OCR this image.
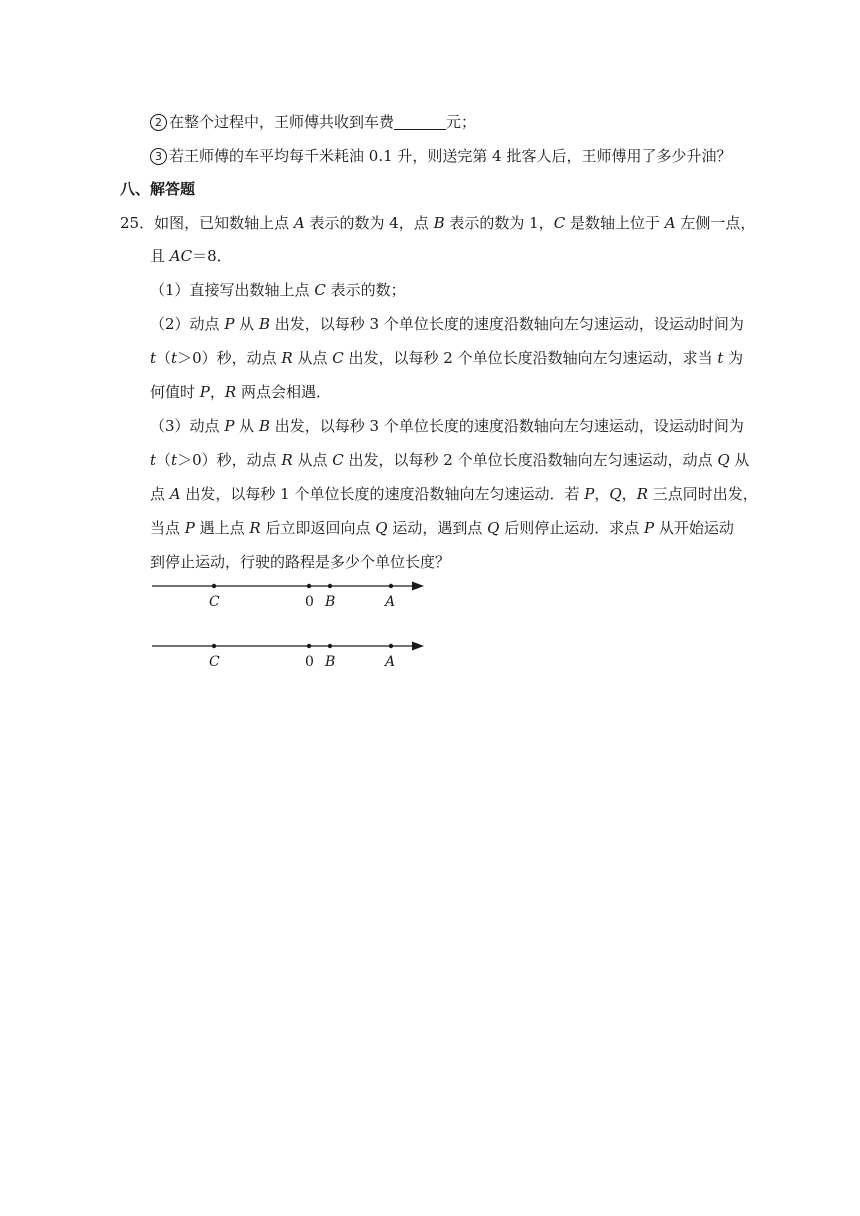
2 在整个过程中，王师傅共收到车费	元；
3 若王师傅的车平均每千米耗油 0.1 升，则送完第 4 批客人后，王师傅用了多少升油？
八、解答题
25．如图，已知数轴上点 A 表示的数为 4，点 B 表示的数为 1，C 是数轴上位于 A 左侧一点，
且 AC＝8．
（1）直接写出数轴上点 C 表示的数；
（2）动点 P 从 B 出发，以每秒 3 个单位长度的速度沿数轴向左匀速运动，设运动时间为
t（t＞0）秒，动点 R 从点 C 出发，以每秒 2 个单位长度沿数轴向左匀速运动，求当 t 为
何值时 P，R 两点会相遇．
（3）动点 P 从 B 出发，以每秒 3 个单位长度的速度沿数轴向左匀速运动，设运动时间为
t（t＞0）秒，动点 R 从点 C 出发，以每秒 2 个单位长度沿数轴向左匀速运动，动点 Q 从
点 A 出发，以每秒 1 个单位长度的速度沿数轴向左匀速运动．若 P，Q，R 三点同时出发，
当点 P 遇上点 R 后立即返回向点 Q 运动，遇到点 Q 后则停止运动．求点 P 从开始运动
到停止运动，行驶的路程是多少个单位长度？
C	0 B	A
C	0 B	A
